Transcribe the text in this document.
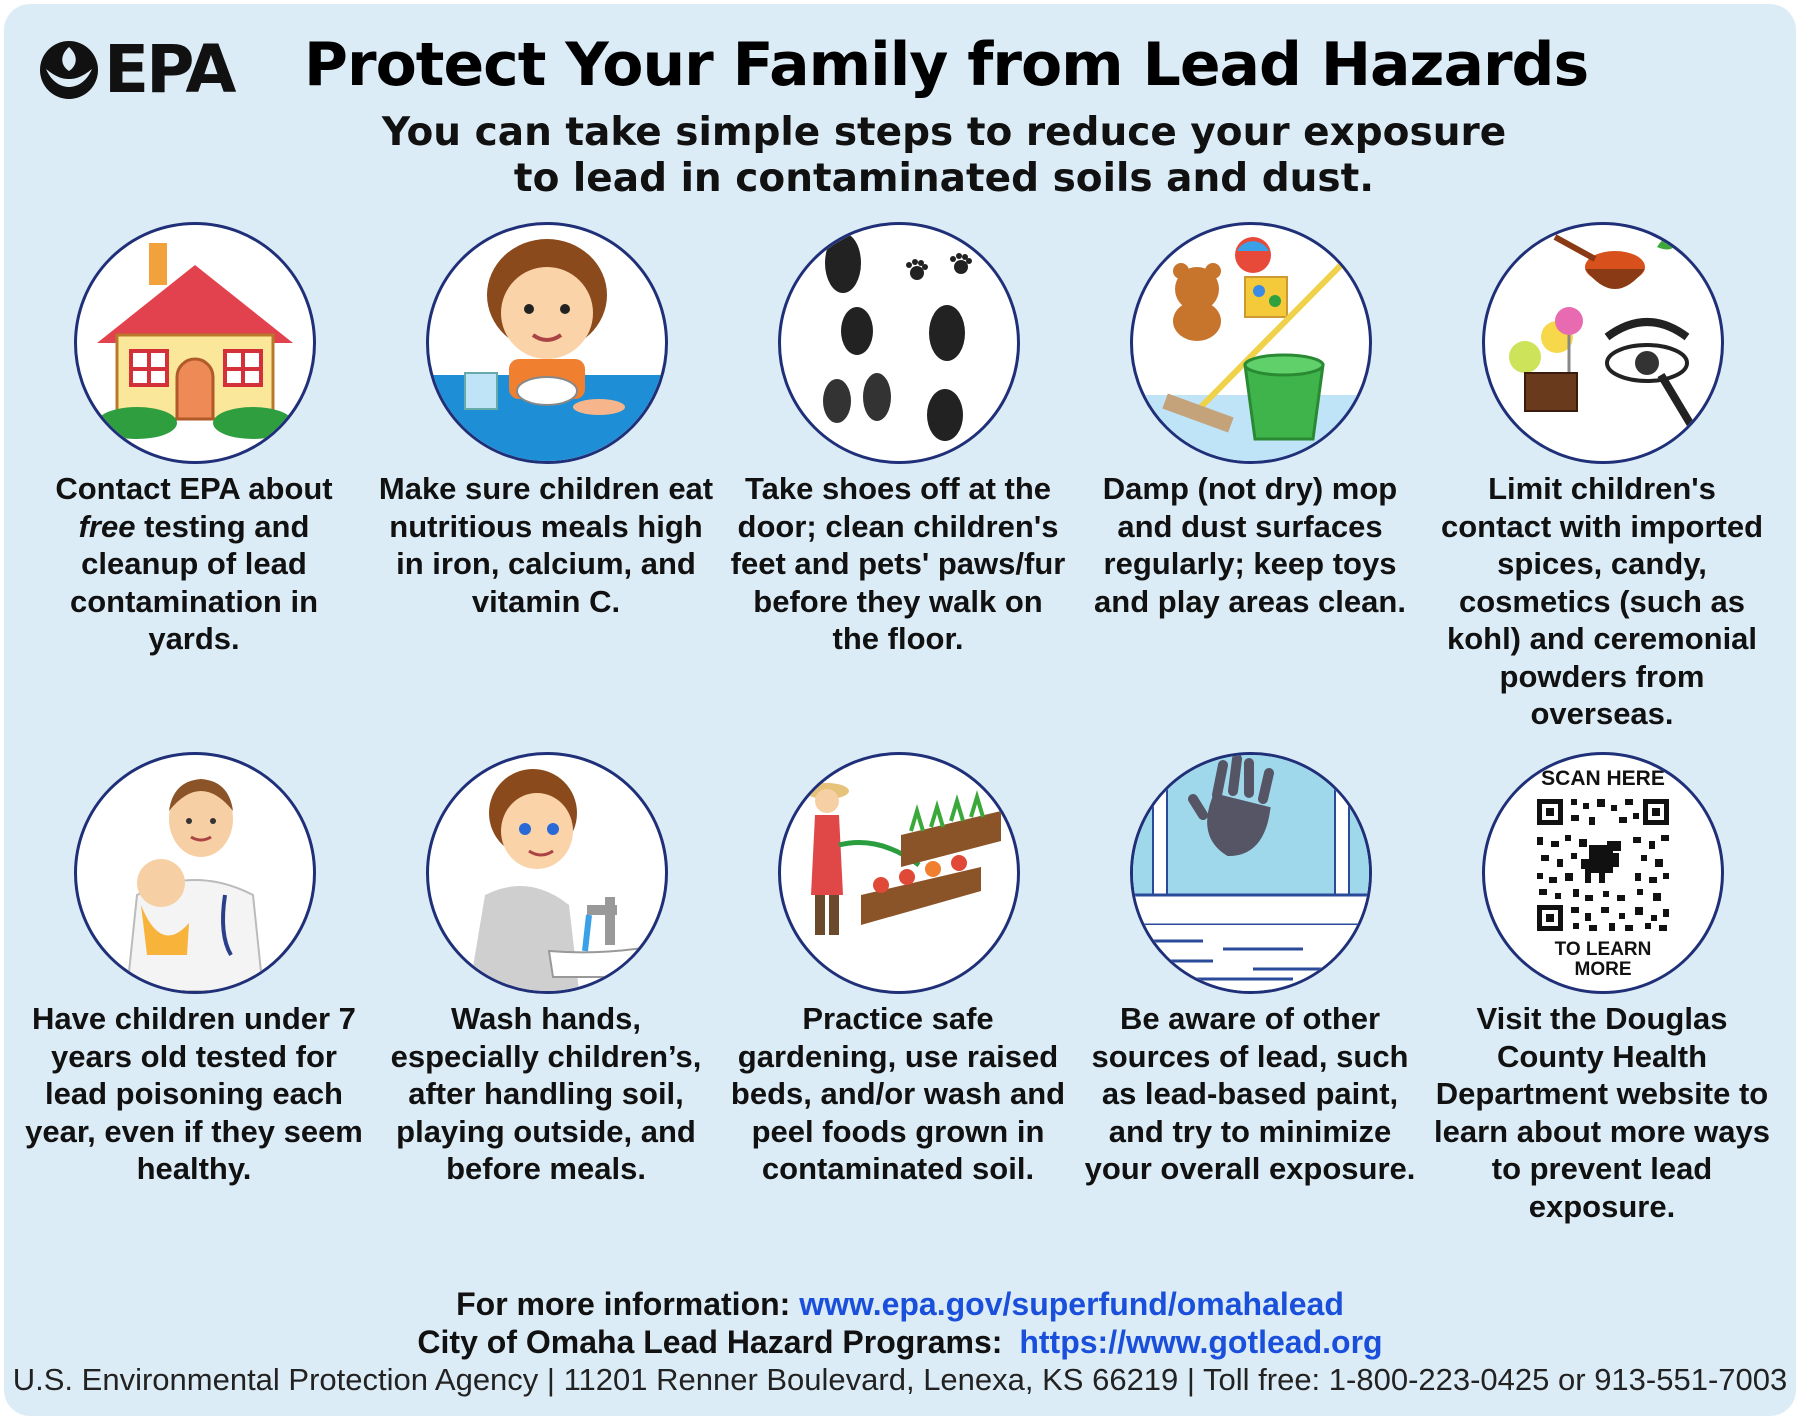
EPA Protect Your Family from Lead Hazards
You can take simple steps to reduce your exposure
to lead in contaminated soils and dust.
Contact EPA about free testing and cleanup of lead contamination in yards.
Make sure children eat nutritious meals high in iron, calcium, and vitamin C.
Take shoes off at the door; clean children's feet and pets' paws/fur before they walk on the floor.
Damp (not dry) mop and dust surfaces regularly; keep toys and play areas clean.
Limit children's contact with imported spices, candy, cosmetics (such as kohl) and ceremonial powders from overseas.
Have children under 7 years old tested for lead poisoning each year, even if they seem healthy.
Wash hands, especially children’s, after handling soil, playing outside, and before meals.
Practice safe gardening, use raised beds, and/or wash and peel foods grown in contaminated soil.
Be aware of other sources of lead, such as lead-based paint, and try to minimize your overall exposure.
SCAN HERE
TO LEARN
MORE
Visit the Douglas County Health Department website to learn about more ways to prevent lead exposure.
For more information: www.epa.gov/superfund/omahalead
City of Omaha Lead Hazard Programs: https://www.gotlead.org
U.S. Environmental Protection Agency | 11201 Renner Boulevard, Lenexa, KS 66219 | Toll free: 1-800-223-0425 or 913-551-7003
